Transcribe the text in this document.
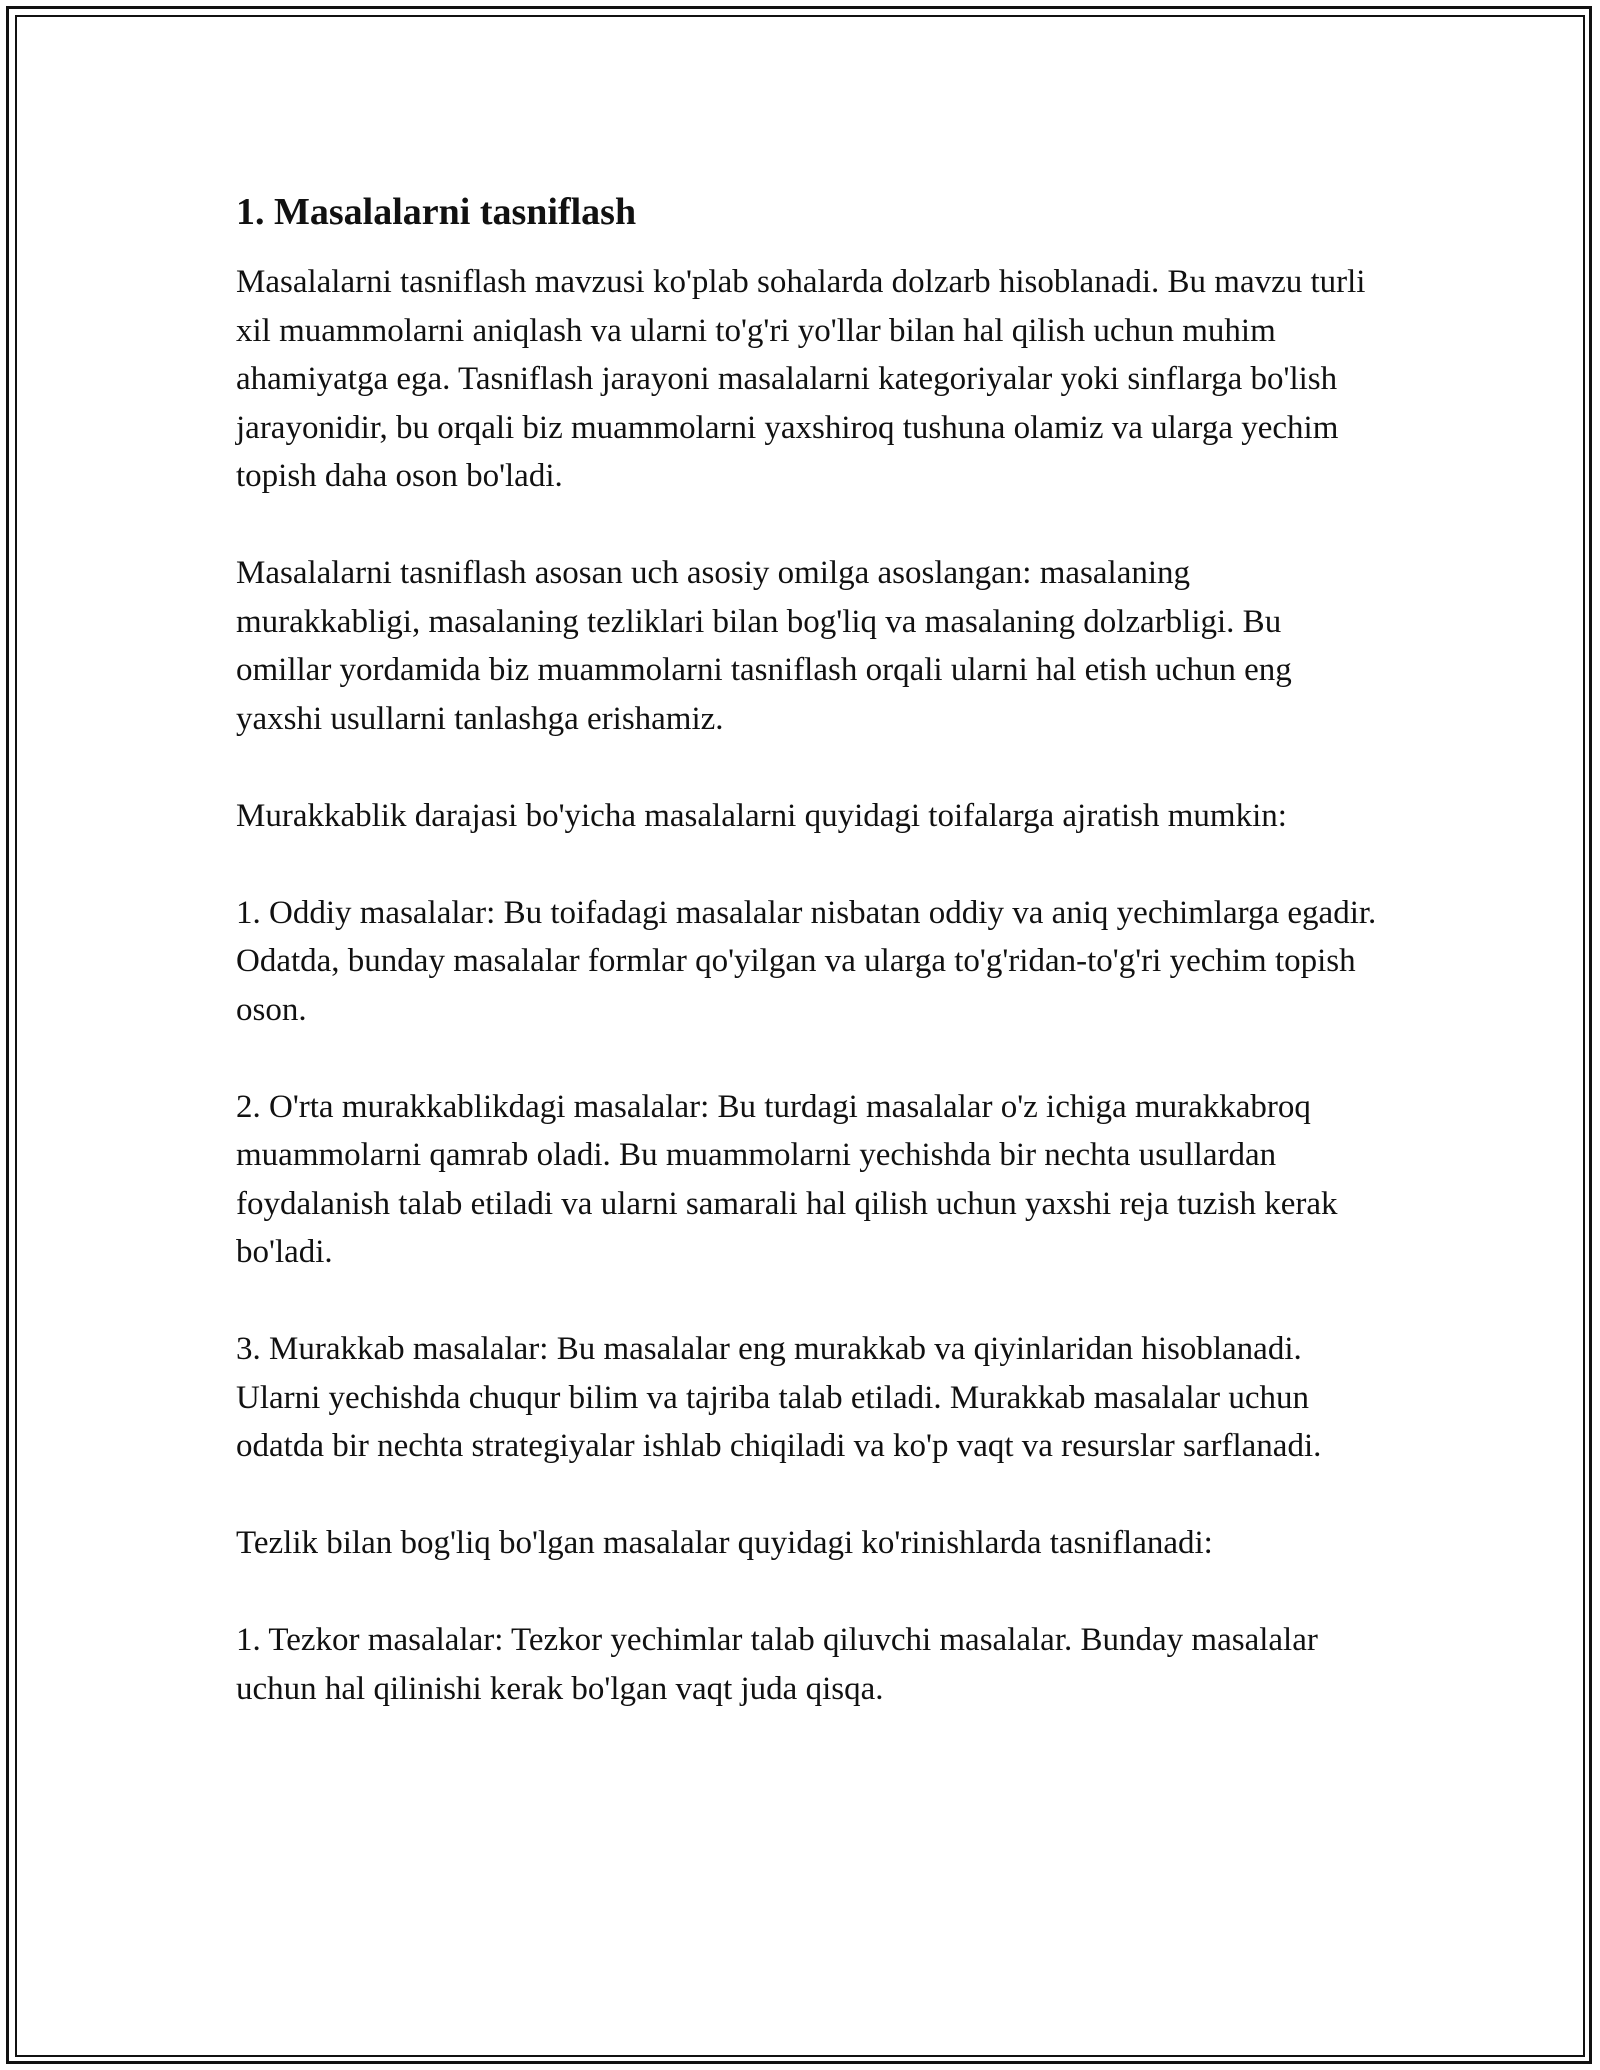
1. Masalalarni tasniflash

Masalalarni tasniflash mavzusi ko'plab sohalarda dolzarb hisoblanadi. Bu mavzu turli xil muammolarni aniqlash va ularni to'g'ri yo'llar bilan hal qilish uchun muhim ahamiyatga ega. Tasniflash jarayoni masalalarni kategoriyalar yoki sinflarga bo'lish jarayonidir, bu orqali biz muammolarni yaxshiroq tushuna olamiz va ularga yechim topish daha oson bo'ladi.

Masalalarni tasniflash asosan uch asosiy omilga asoslangan: masalaning murakkabligi, masalaning tezliklari bilan bog'liq va masalaning dolzarbligi. Bu omillar yordamida biz muammolarni tasniflash orqali ularni hal etish uchun eng yaxshi usullarni tanlashga erishamiz.

Murakkablik darajasi bo'yicha masalalarni quyidagi toifalarga ajratish mumkin:

1. Oddiy masalalar: Bu toifadagi masalalar nisbatan oddiy va aniq yechimlarga egadir. Odatda, bunday masalalar formlar qo'yilgan va ularga to'g'ridan-to'g'ri yechim topish oson.

2. O'rta murakkablikdagi masalalar: Bu turdagi masalalar o'z ichiga murakkabroq muammolarni qamrab oladi. Bu muammolarni yechishda bir nechta usullardan foydalanish talab etiladi va ularni samarali hal qilish uchun yaxshi reja tuzish kerak bo'ladi.

3. Murakkab masalalar: Bu masalalar eng murakkab va qiyinlaridan hisoblanadi. Ularni yechishda chuqur bilim va tajriba talab etiladi. Murakkab masalalar uchun odatda bir nechta strategiyalar ishlab chiqiladi va ko'p vaqt va resurslar sarflanadi.

Tezlik bilan bog'liq bo'lgan masalalar quyidagi ko'rinishlarda tasniflanadi:

1. Tezkor masalalar: Tezkor yechimlar talab qiluvchi masalalar. Bunday masalalar uchun hal qilinishi kerak bo'lgan vaqt juda qisqa.
